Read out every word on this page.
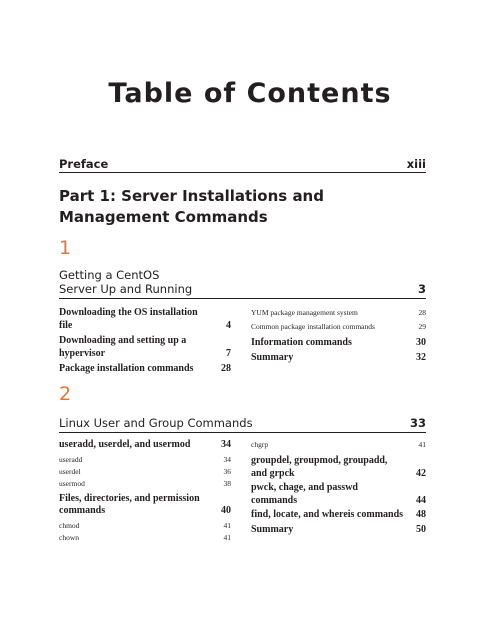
Table of Contents
Preface	xiii
Part 1: Server Installations and
Management Commands
1
Getting a CentOS
Server Up and Running	3
Downloading the OS installation file	4
Downloading and setting up a hypervisor	7
Package installation commands	28
YUM package management system	28
Common package installation commands	29
Information commands	30
Summary	32
2
Linux User and Group Commands	33
useradd, userdel, and usermod	34
useradd	34
userdel	36
usermod	38
Files, directories, and permission commands	40
chmod	41
chown	41
chgrp	41
groupdel, groupmod, groupadd, and grpck	42
pwck, chage, and passwd commands	44
find, locate, and whereis commands 48
Summary	50
